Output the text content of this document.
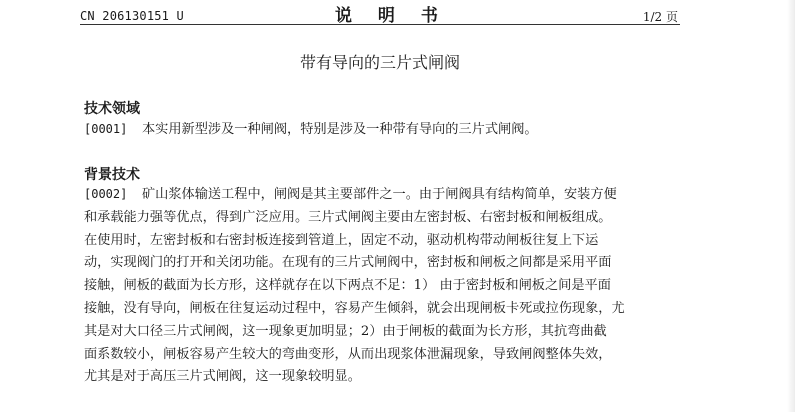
CN 206130151 U	说 明 书	1/2 页
带有导向的三片式闸阀
技术领域
[0001] 本实用新型涉及一种闸阀，特别是涉及一种带有导向的三片式闸阀。
背景技术
[0002] 矿山浆体输送工程中，闸阀是其主要部件之一。由于闸阀具有结构简单，安装方便
和承载能力强等优点，得到广泛应用。三片式闸阀主要由左密封板、右密封板和闸板组成。
在使用时，左密封板和右密封板连接到管道上，固定不动，驱动机构带动闸板往复上下运
动，实现阀门的打开和关闭功能。在现有的三片式闸阀中，密封板和闸板之间都是采用平面
接触，闸板的截面为长方形，这样就存在以下两点不足：1） 由于密封板和闸板之间是平面
接触，没有导向，闸板在往复运动过程中，容易产生倾斜，就会出现闸板卡死或拉伤现象，尤
其是对大口径三片式闸阀，这一现象更加明显；2）由于闸板的截面为长方形，其抗弯曲截
面系数较小，闸板容易产生较大的弯曲变形，从而出现浆体泄漏现象，导致闸阀整体失效，
尤其是对于高压三片式闸阀，这一现象较明显。
